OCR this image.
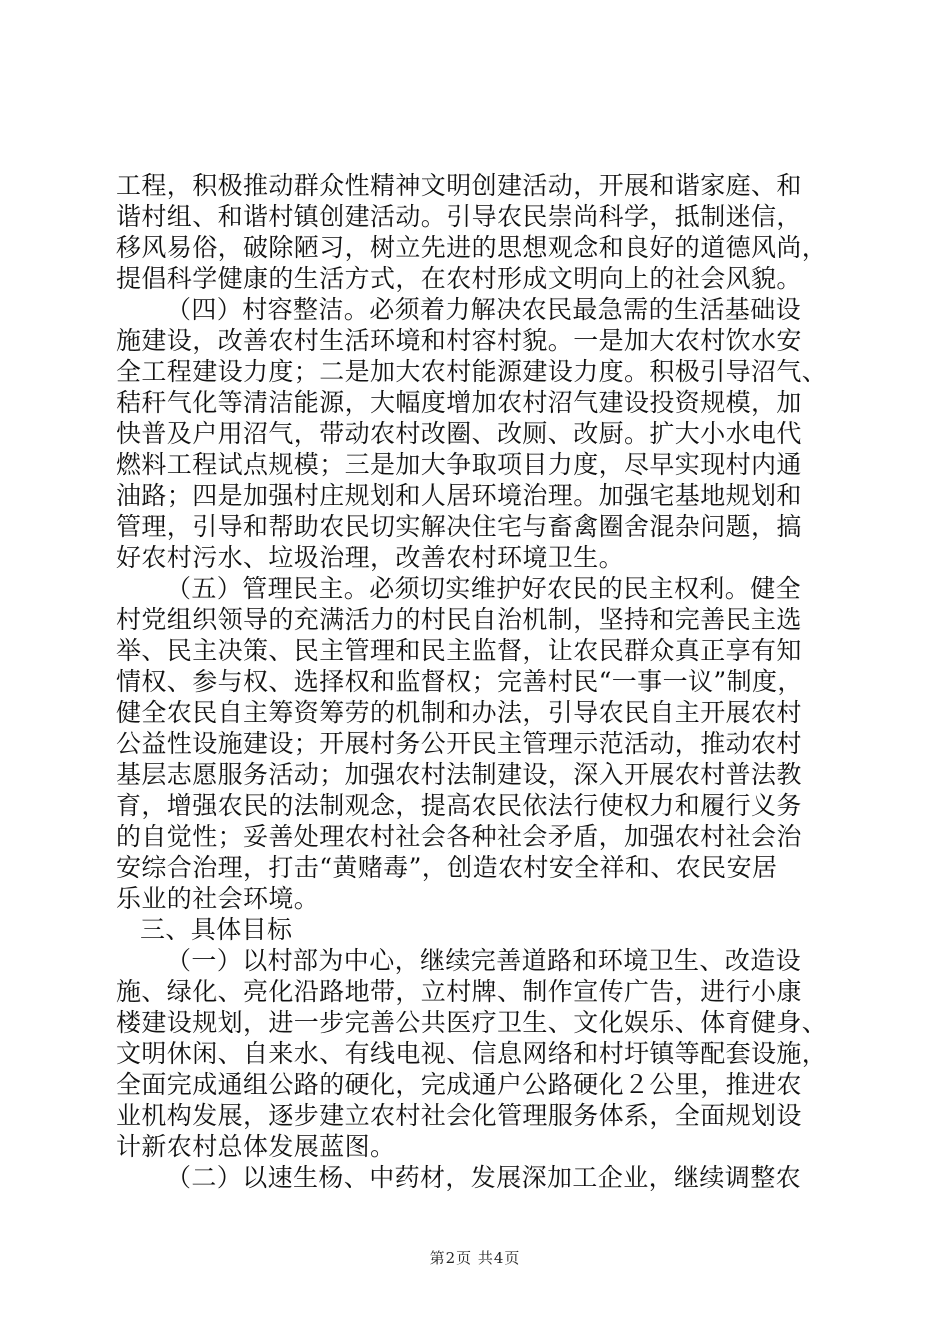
工程，积极推动群众性精神文明创建活动，开展和谐家庭、和
谐村组、和谐村镇创建活动。引导农民崇尚科学，抵制迷信，
移风易俗，破除陋习，树立先进的思想观念和良好的道德风尚，
提倡科学健康的生活方式，在农村形成文明向上的社会风貌。
（四）村容整洁。必须着力解决农民最急需的生活基础设
施建设，改善农村生活环境和村容村貌。一是加大农村饮水安
全工程建设力度；二是加大农村能源建设力度。积极引导沼气、
秸秆气化等清洁能源，大幅度增加农村沼气建设投资规模，加
快普及户用沼气，带动农村改圈、改厕、改厨。扩大小水电代
燃料工程试点规模；三是加大争取项目力度，尽早实现村内通
油路；四是加强村庄规划和人居环境治理。加强宅基地规划和
管理，引导和帮助农民切实解决住宅与畜禽圈舍混杂问题，搞
好农村污水、垃圾治理，改善农村环境卫生。
（五）管理民主。必须切实维护好农民的民主权利。健全
村党组织领导的充满活力的村民自治机制，坚持和完善民主选
举、民主决策、民主管理和民主监督，让农民群众真正享有知
情权、参与权、选择权和监督权；完善村民“一事一议”制度，
健全农民自主筹资筹劳的机制和办法，引导农民自主开展农村
公益性设施建设；开展村务公开民主管理示范活动，推动农村
基层志愿服务活动；加强农村法制建设，深入开展农村普法教
育，增强农民的法制观念，提高农民依法行使权力和履行义务
的自觉性；妥善处理农村社会各种社会矛盾，加强农村社会治
安综合治理，打击“黄赌毒”，创造农村安全祥和、农民安居
乐业的社会环境。
三、具体目标
（一）以村部为中心，继续完善道路和环境卫生、改造设
施、绿化、亮化沿路地带，立村牌、制作宣传广告，进行小康
楼建设规划，进一步完善公共医疗卫生、文化娱乐、体育健身、
文明休闲、自来水、有线电视、信息网络和村圩镇等配套设施，
全面完成通组公路的硬化，完成通户公路硬化２公里，推进农
业机构发展，逐步建立农村社会化管理服务体系，全面规划设
计新农村总体发展蓝图。
（二）以速生杨、中药材，发展深加工企业，继续调整农
第2页 共4页
